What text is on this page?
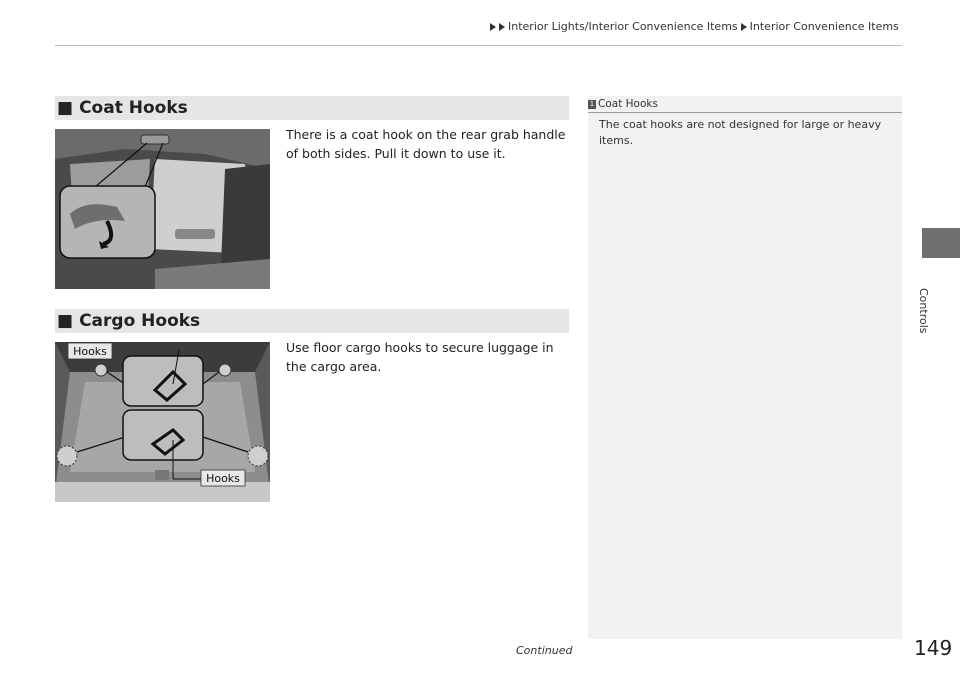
Interior Lights/Interior Convenience Items Interior Convenience Items
■ Coat Hooks
There is a coat hook on the rear grab handle of both sides. Pull it down to use it.
■ Cargo Hooks
Use floor cargo hooks to secure luggage in the cargo area.
Hooks
Hooks
1 Coat Hooks
The coat hooks are not designed for large or heavy items.
Controls
Continued	149
